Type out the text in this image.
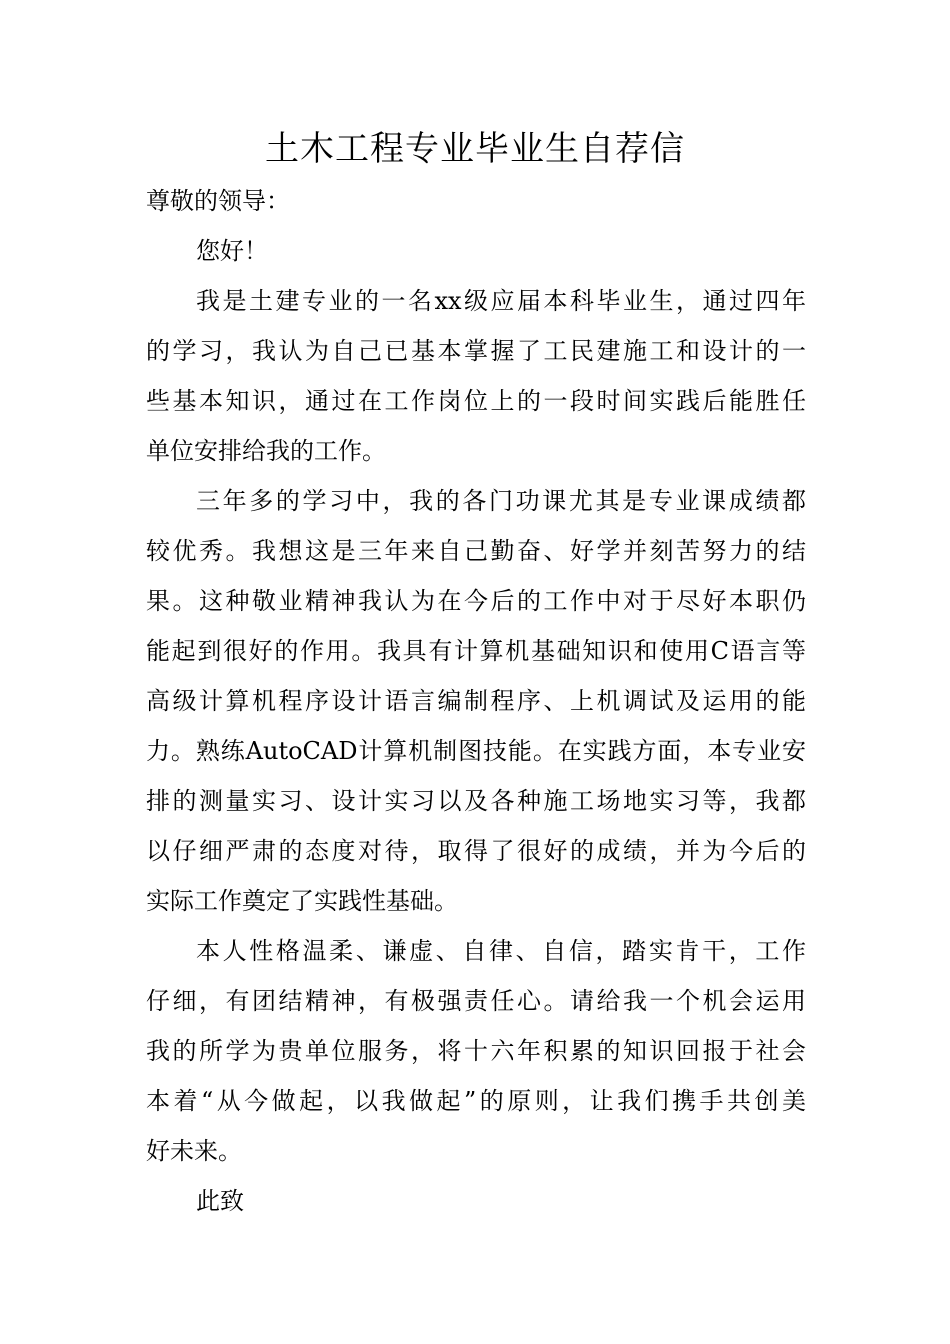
土木工程专业毕业生自荐信
尊敬的领导：
您好！
我是土建专业的一名xx级应届本科毕业生，通过四年
的学习，我认为自己已基本掌握了工民建施工和设计的一
些基本知识，通过在工作岗位上的一段时间实践后能胜任
单位安排给我的工作。
三年多的学习中，我的各门功课尤其是专业课成绩都
较优秀。我想这是三年来自己勤奋、好学并刻苦努力的结
果。这种敬业精神我认为在今后的工作中对于尽好本职仍
能起到很好的作用。我具有计算机基础知识和使用C语言等
高级计算机程序设计语言编制程序、上机调试及运用的能
力。熟练AutoCAD计算机制图技能。在实践方面，本专业安
排的测量实习、设计实习以及各种施工场地实习等，我都
以仔细严肃的态度对待，取得了很好的成绩，并为今后的
实际工作奠定了实践性基础。
本人性格温柔、谦虚、自律、自信，踏实肯干，工作
仔细，有团结精神，有极强责任心。请给我一个机会运用
我的所学为贵单位服务，将十六年积累的知识回报于社会
本着“从今做起，以我做起”的原则，让我们携手共创美
好未来。
此致
